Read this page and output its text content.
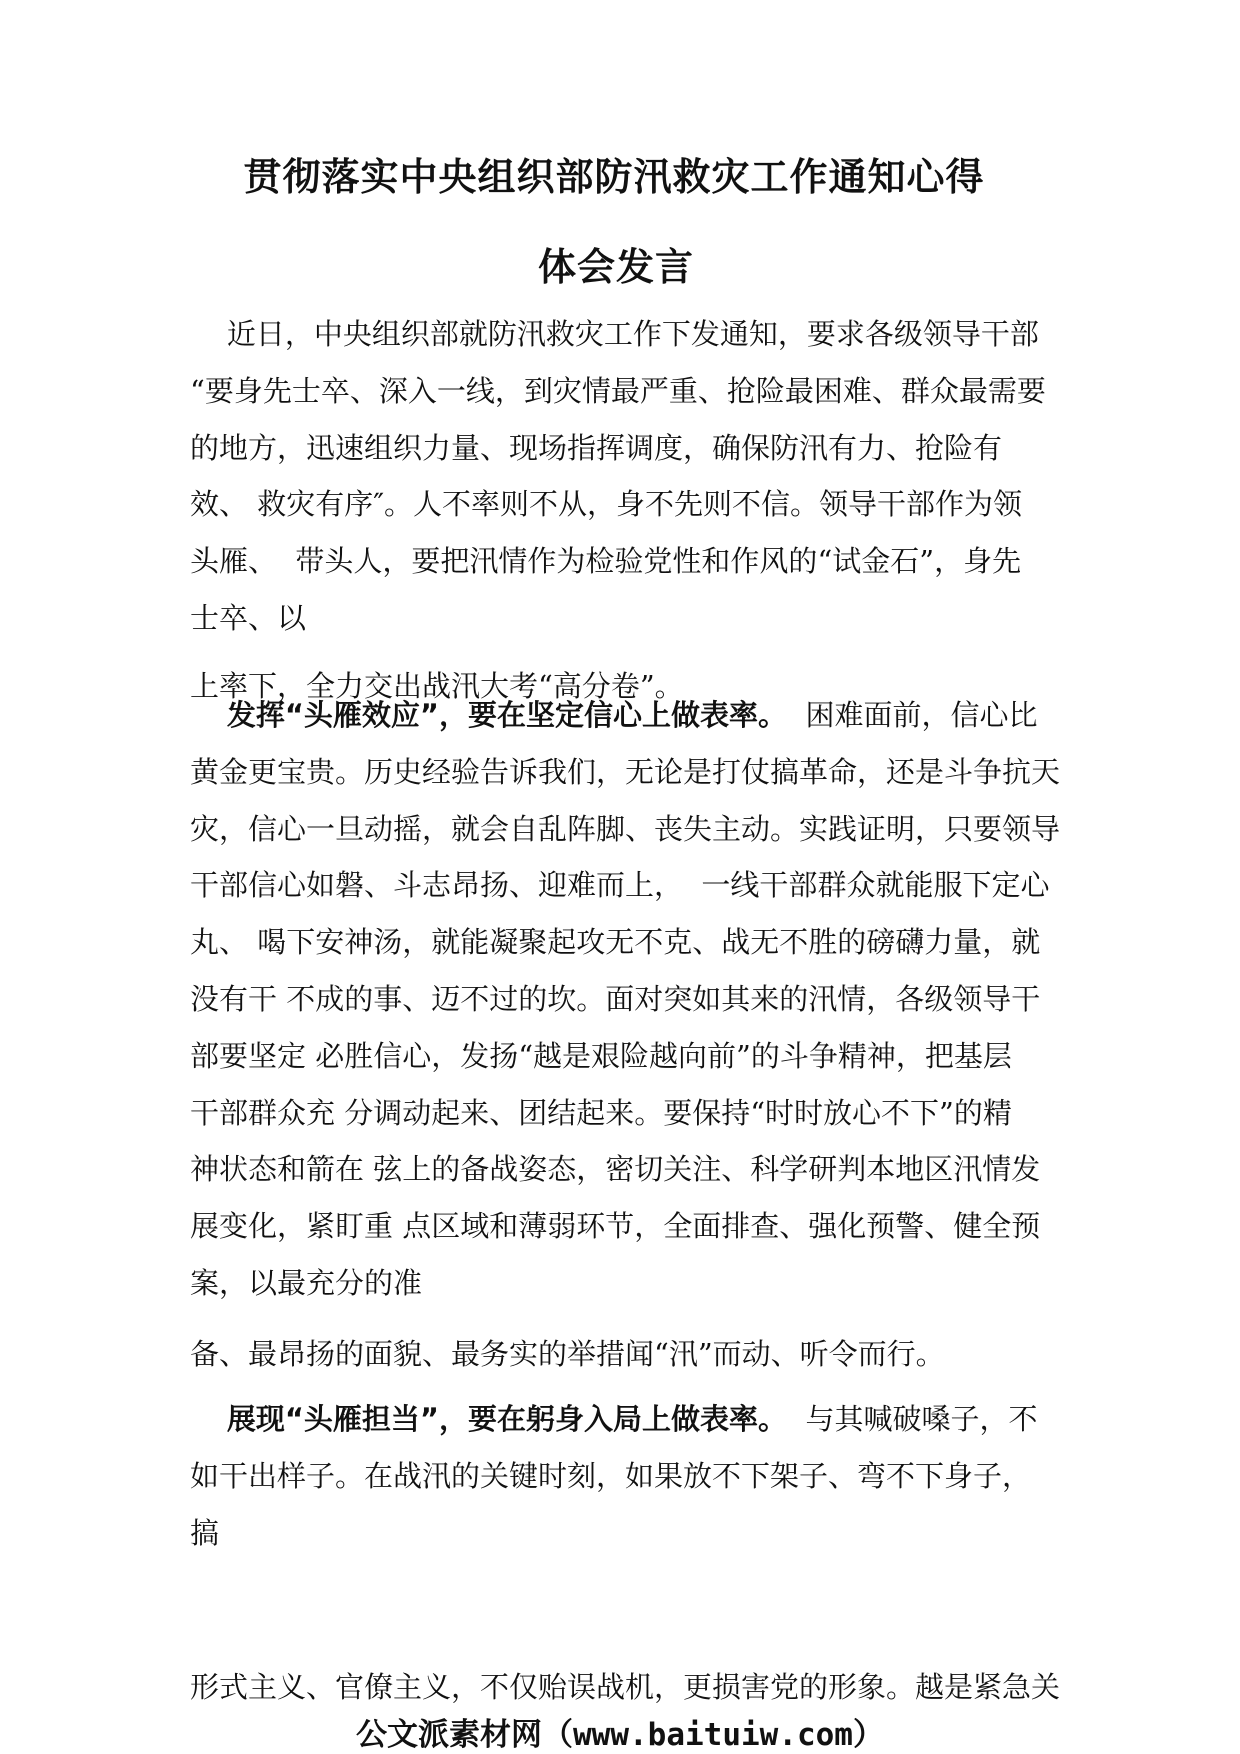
贯彻落实中央组织部防汛救灾工作通知心得
体会发言

近日，中央组织部就防汛救灾工作下发通知，要求各级领导干部
“要身先士卒、深入一线，到灾情最严重、抢险最困难、群众最需要
的地方，迅速组织力量、现场指挥调度，确保防汛有力、抢险有
效、 救灾有序″。人不率则不从，身不先则不信。领导干部作为领
头雁、  带头人，要把汛情作为检验党性和作风的“试金石”，身先
士卒、以

上率下，全力交出战汛大考“高分卷”。

发挥“头雁效应”，要在坚定信心上做表率。 困难面前，信心比
黄金更宝贵。历史经验告诉我们，无论是打仗搞革命，还是斗争抗天
灾，信心一旦动摇，就会自乱阵脚、丧失主动。实践证明，只要领导
干部信心如磐、斗志昂扬、迎难而上，  一线干部群众就能服下定心
丸、 喝下安神汤，就能凝聚起攻无不克、战无不胜的磅礴力量，就
没有干 不成的事、迈不过的坎。面对突如其来的汛情，各级领导干
部要坚定 必胜信心，发扬“越是艰险越向前”的斗争精神，把基层
干部群众充 分调动起来、团结起来。要保持“时时放心不下”的精
神状态和箭在 弦上的备战姿态，密切关注、科学研判本地区汛情发
展变化，紧盯重 点区域和薄弱环节，全面排查、强化预警、健全预
案，以最充分的准

备、最昂扬的面貌、最务实的举措闻“汛”而动、听令而行。

展现“头雁担当”，要在躬身入局上做表率。 与其喊破嗓子，不
如干出样子。在战汛的关键时刻，如果放不下架子、弯不下身子，
搞

形式主义、官僚主义，不仅贻误战机，更损害党的形象。越是紧急关

公文派素材网（www.baituiw.com）
